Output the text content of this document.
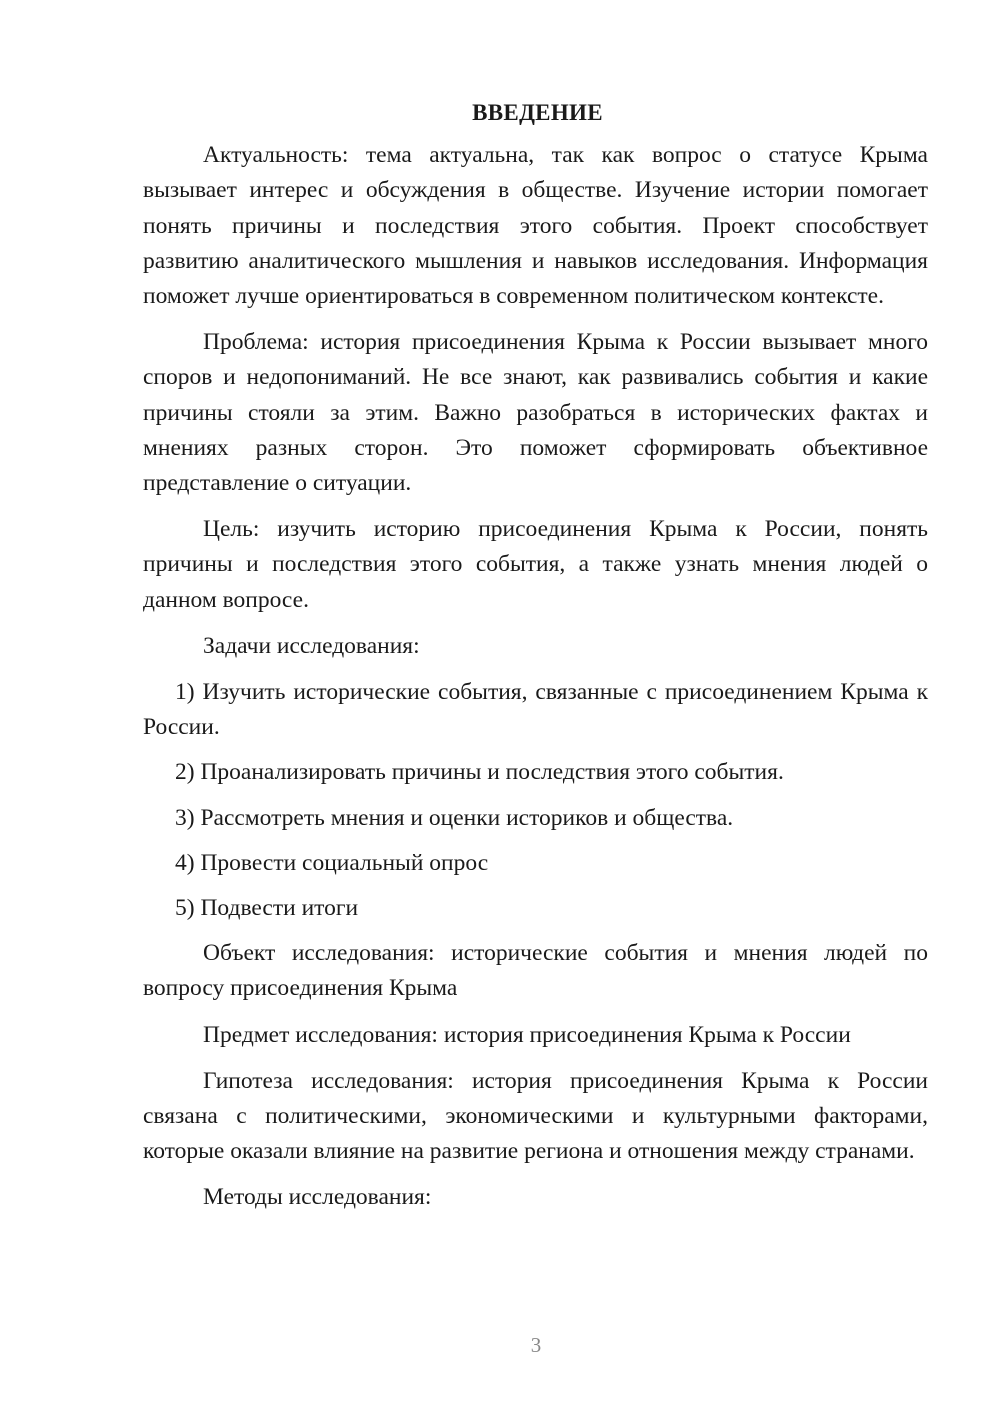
ВВЕДЕНИЕ

Актуальность: тема актуальна, так как вопрос о статусе Крыма вызывает интерес и обсуждения в обществе. Изучение истории помогает понять причины и последствия этого события. Проект способствует развитию аналитического мышления и навыков исследования. Информация поможет лучше ориентироваться в современном политическом контексте.

Проблема: история присоединения Крыма к России вызывает много споров и недопониманий. Не все знают, как развивались события и какие причины стояли за этим. Важно разобраться в исторических фактах и мнениях разных сторон. Это поможет сформировать объективное представление о ситуации.

Цель: изучить историю присоединения Крыма к России, понять причины и последствия этого события, а также узнать мнения людей о данном вопросе.

Задачи исследования:

1) Изучить исторические события, связанные с присоединением Крыма к России.

2) Проанализировать причины и последствия этого события.

3) Рассмотреть мнения и оценки историков и общества.

4) Провести социальный опрос

5) Подвести итоги

Объект исследования: исторические события и мнения людей по вопросу присоединения Крыма

Предмет исследования: история присоединения Крыма к России

Гипотеза исследования: история присоединения Крыма к России связана с политическими, экономическими и культурными факторами, которые оказали влияние на развитие региона и отношения между странами.

Методы исследования:

3
